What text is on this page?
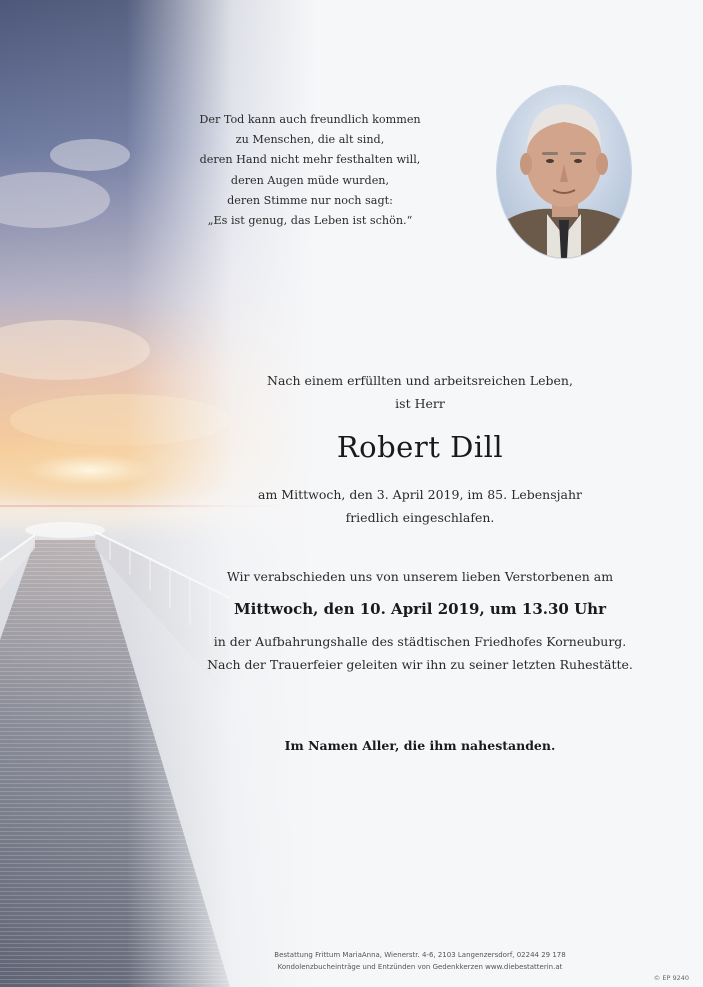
Der Tod kann auch freundlich kommen
zu Menschen, die alt sind,
deren Hand nicht mehr festhalten will,
deren Augen müde wurden,
deren Stimme nur noch sagt:
„Es ist genug, das Leben ist schön.“
Nach einem erfüllten und arbeitsreichen Leben,
ist Herr
Robert Dill
am Mittwoch, den 3. April 2019, im 85. Lebensjahr
friedlich eingeschlafen.
Wir verabschieden uns von unserem lieben Verstorbenen am
Mittwoch, den 10. April 2019, um 13.30 Uhr
in der Aufbahrungshalle des städtischen Friedhofes Korneuburg.
Nach der Trauerfeier geleiten wir ihn zu seiner letzten Ruhestätte.
Im Namen Aller, die ihm nahestanden.
Bestattung Frittum MariaAnna, Wienerstr. 4-6, 2103 Langenzersdorf, 02244 29 178
Kondolenzbucheinträge und Entzünden von Gedenkkerzen www.diebestatterin.at
© EP 9240
